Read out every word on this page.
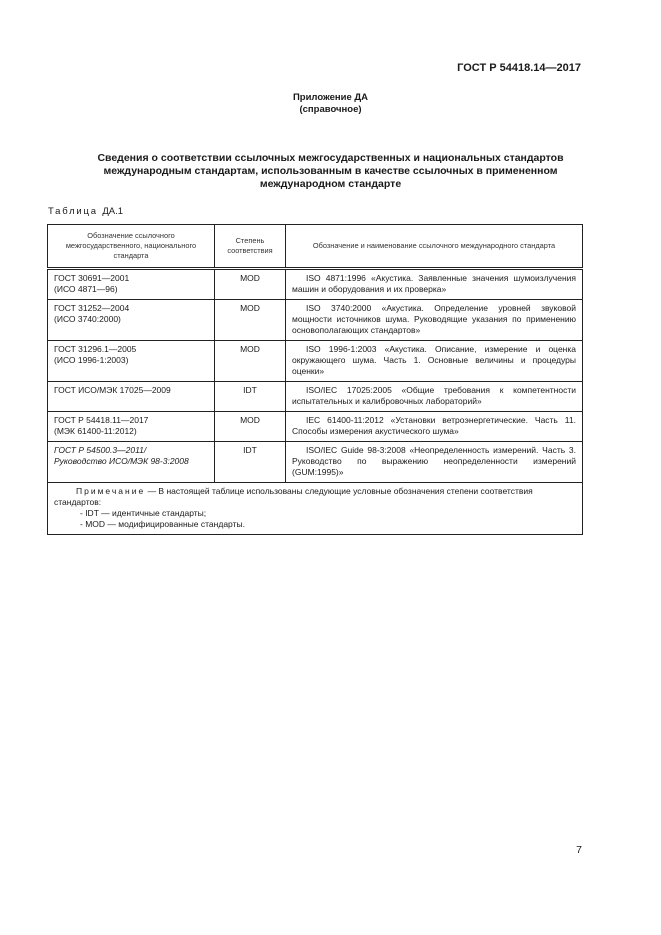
ГОСТ Р 54418.14—2017
Приложение ДА
(справочное)
Сведения о соответствии ссылочных межгосударственных и национальных стандартов
международным стандартам, использованным в качестве ссылочных в примененном
международном стандарте
Таблица ДА.1
Обозначение ссылочного межгосударственного, национального стандарта	Степень соответствия	Обозначение и наименование ссылочного международного стандарта

ГОСТ 30691—2001
(ИСО 4871—96)	MOD	ISO 4871:1996 «Акустика. Заявленные значения шумоизлучения машин и оборудования и их проверка»

ГОСТ 31252—2004
(ИСО 3740:2000)	MOD	ISO 3740:2000 «Акустика. Определение уровней звуковой мощности источников шума. Руководящие указания по применению основополагающих стандартов»

ГОСТ 31296.1—2005
(ИСО 1996-1:2003)	MOD	ISO 1996-1:2003 «Акустика. Описание, измерение и оценка окружающего шума. Часть 1. Основные величины и процедуры оценки»

ГОСТ ИСО/МЭК 17025—2009	IDT	ISO/IEC 17025:2005 «Общие требования к компетентности испытательных и калибровочных лабораторий»

ГОСТ Р 54418.11—2017
(МЭК 61400-11:2012)	MOD	IEC 61400-11:2012 «Установки ветроэнергетические. Часть 11. Способы измерения акустического шума»

ГОСТ Р 54500.3—2011/
Руководство ИСО/МЭК 98-3:2008	IDT	ISO/IEC Guide 98-3:2008 «Неопределенность измерений. Часть 3. Руководство по выражению неопределенности измерений (GUM:1995)»

Примечание — В настоящей таблице использованы следующие условные обозначения степени соответствия стандартов:
- IDT — идентичные стандарты;
- MOD — модифицированные стандарты.		
7
